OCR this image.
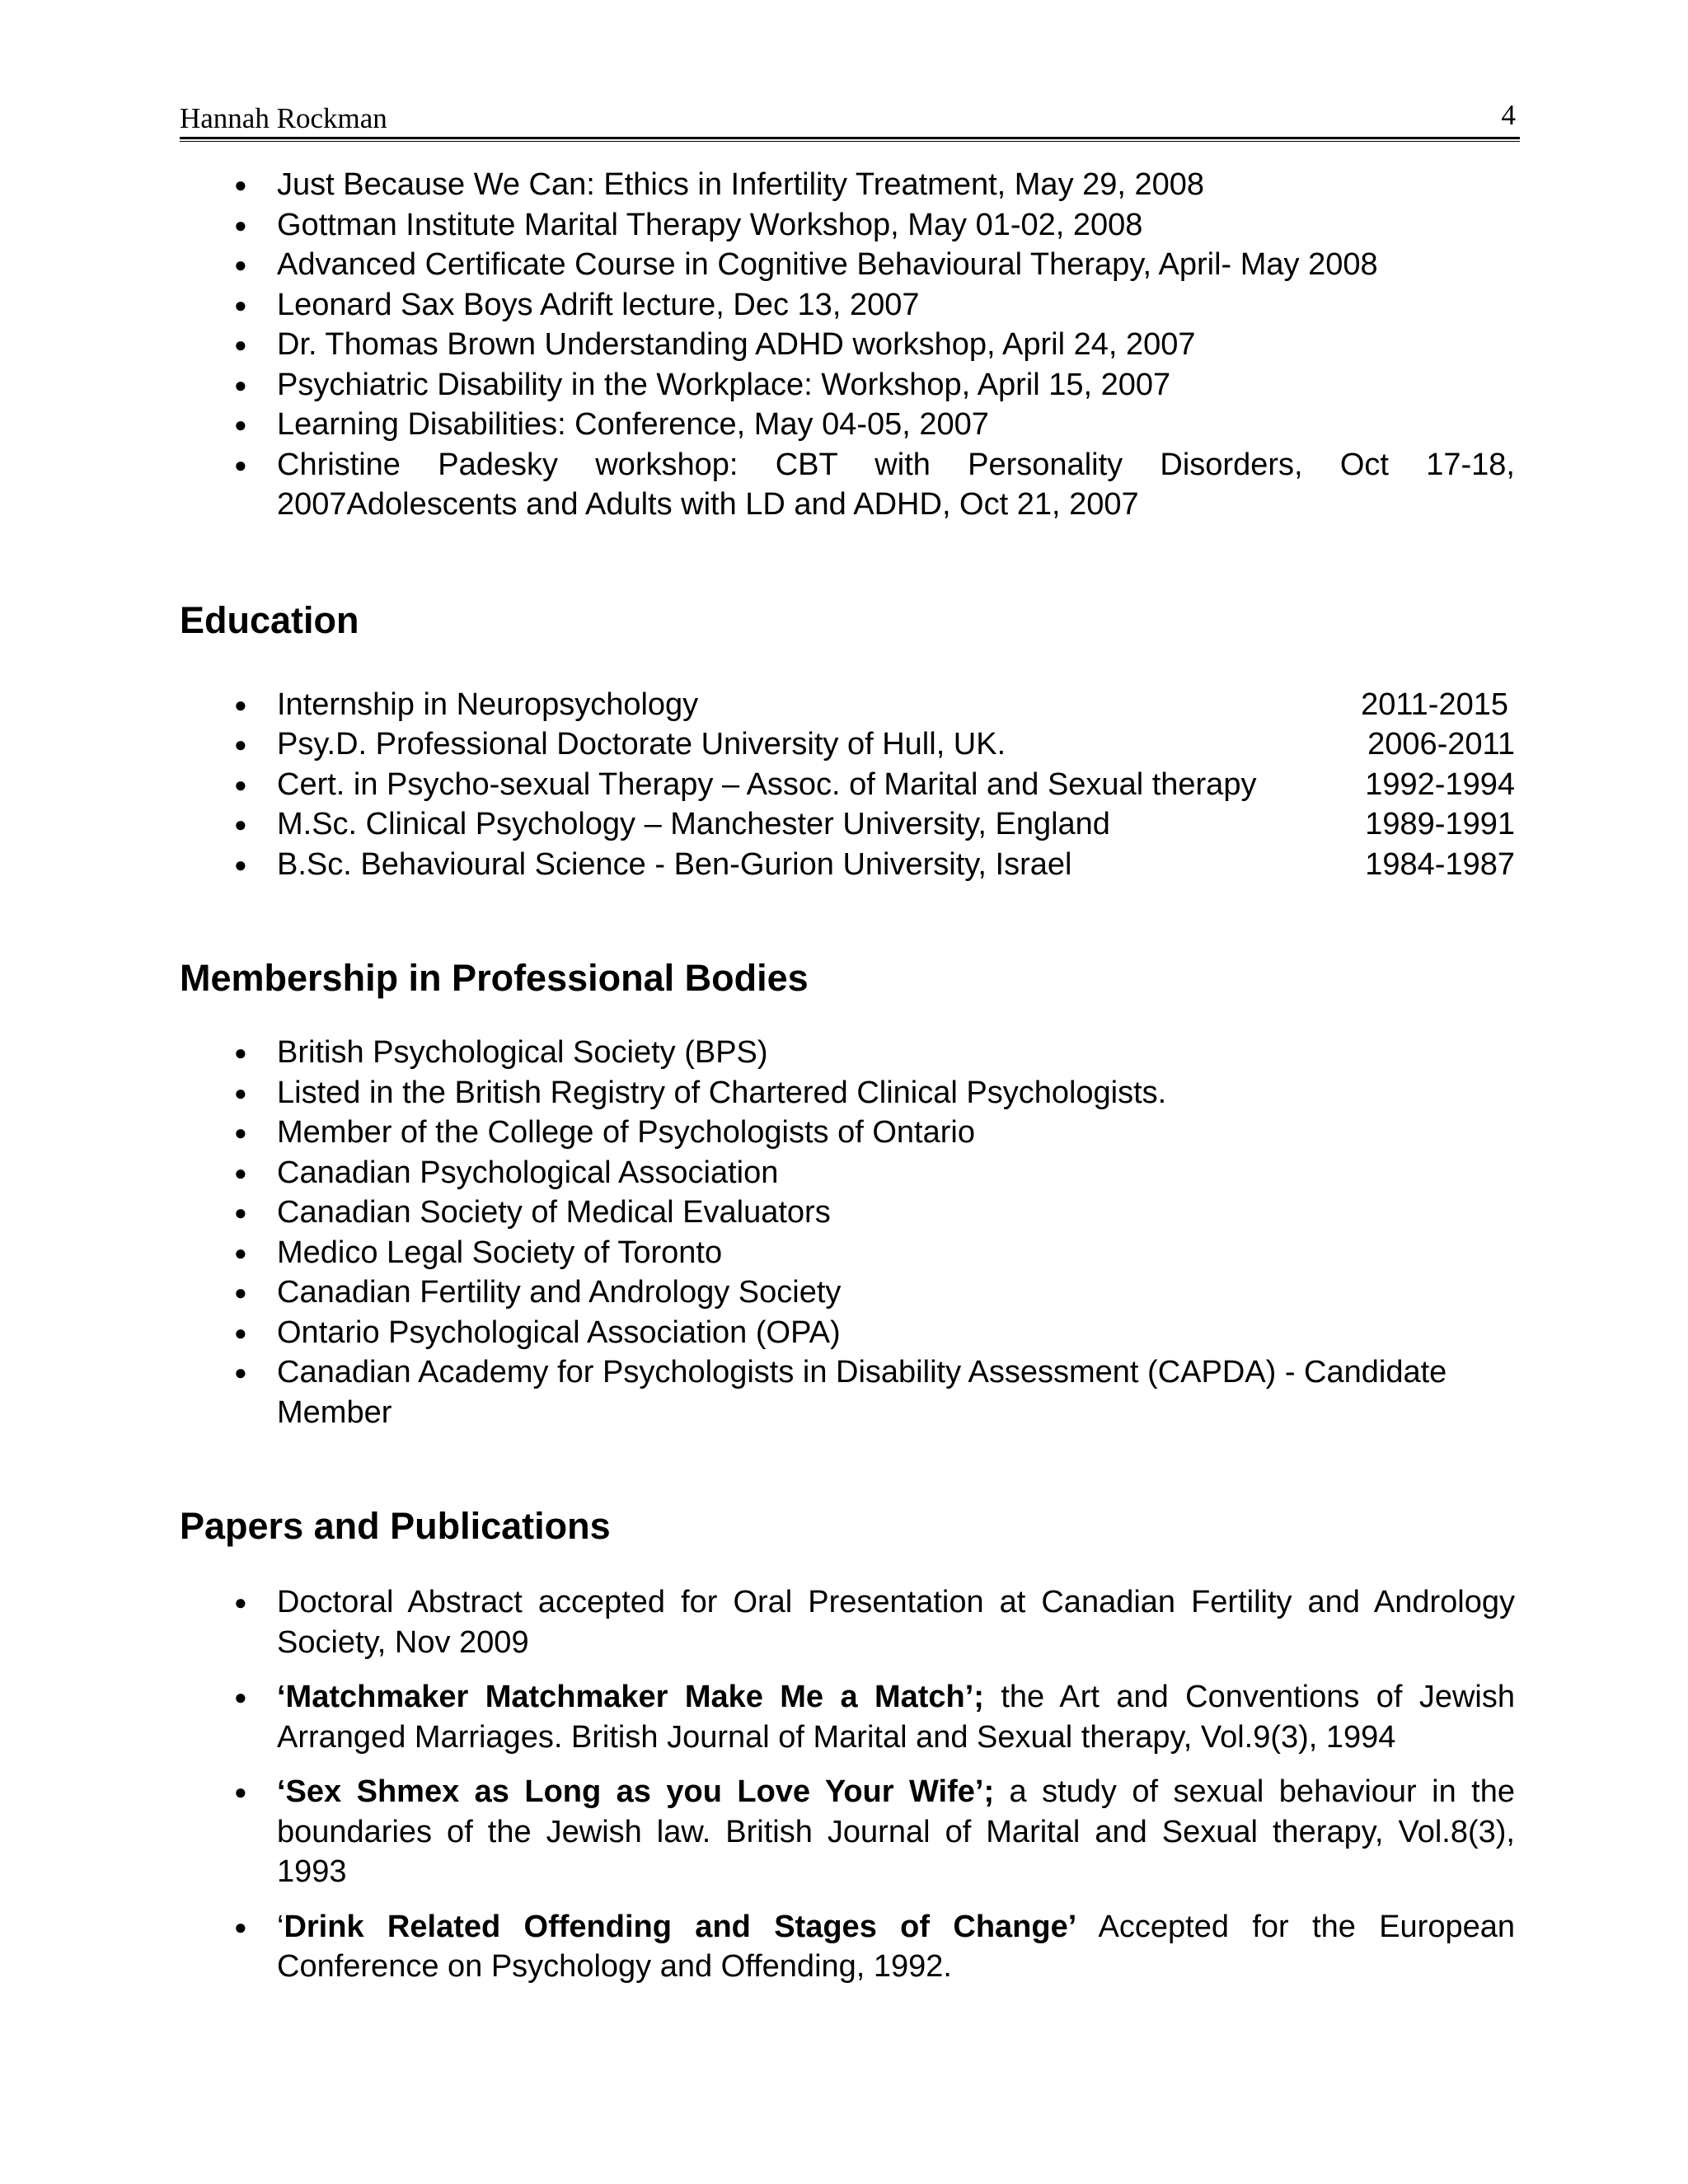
Hannah Rockman	4
● Just Because We Can: Ethics in Infertility Treatment, May 29, 2008
● Gottman Institute Marital Therapy Workshop, May 01-02, 2008
● Advanced Certificate Course in Cognitive Behavioural Therapy, April- May 2008
● Leonard Sax Boys Adrift lecture, Dec 13, 2007
● Dr. Thomas Brown Understanding ADHD workshop, April 24, 2007
● Psychiatric Disability in the Workplace: Workshop, April 15, 2007
● Learning Disabilities: Conference, May 04-05, 2007
● Christine Padesky workshop: CBT with Personality Disorders, Oct 17-18, 2007Adolescents and Adults with LD and ADHD, Oct 21, 2007
Education
● Internship in Neuropsychology	2011-2015
● Psy.D. Professional Doctorate University of Hull, UK.	2006-2011
● Cert. in Psycho-sexual Therapy – Assoc. of Marital and Sexual therapy	1992-1994
● M.Sc. Clinical Psychology – Manchester University, England	1989-1991
● B.Sc. Behavioural Science - Ben-Gurion University, Israel	1984-1987
Membership in Professional Bodies
● British Psychological Society (BPS)
● Listed in the British Registry of Chartered Clinical Psychologists.
● Member of the College of Psychologists of Ontario
● Canadian Psychological Association
● Canadian Society of Medical Evaluators
● Medico Legal Society of Toronto
● Canadian Fertility and Andrology Society
● Ontario Psychological Association (OPA)
● Canadian Academy for Psychologists in Disability Assessment (CAPDA) - Candidate Member
Papers and Publications
● Doctoral Abstract accepted for Oral Presentation at Canadian Fertility and Andrology Society, Nov 2009
● ‘Matchmaker Matchmaker Make Me a Match’; the Art and Conventions of Jewish Arranged Marriages. British Journal of Marital and Sexual therapy, Vol.9(3), 1994
● ‘Sex Shmex as Long as you Love Your Wife’; a study of sexual behaviour in the boundaries of the Jewish law. British Journal of Marital and Sexual therapy, Vol.8(3), 1993
● ‘Drink Related Offending and Stages of Change’ Accepted for the European Conference on Psychology and Offending, 1992.
